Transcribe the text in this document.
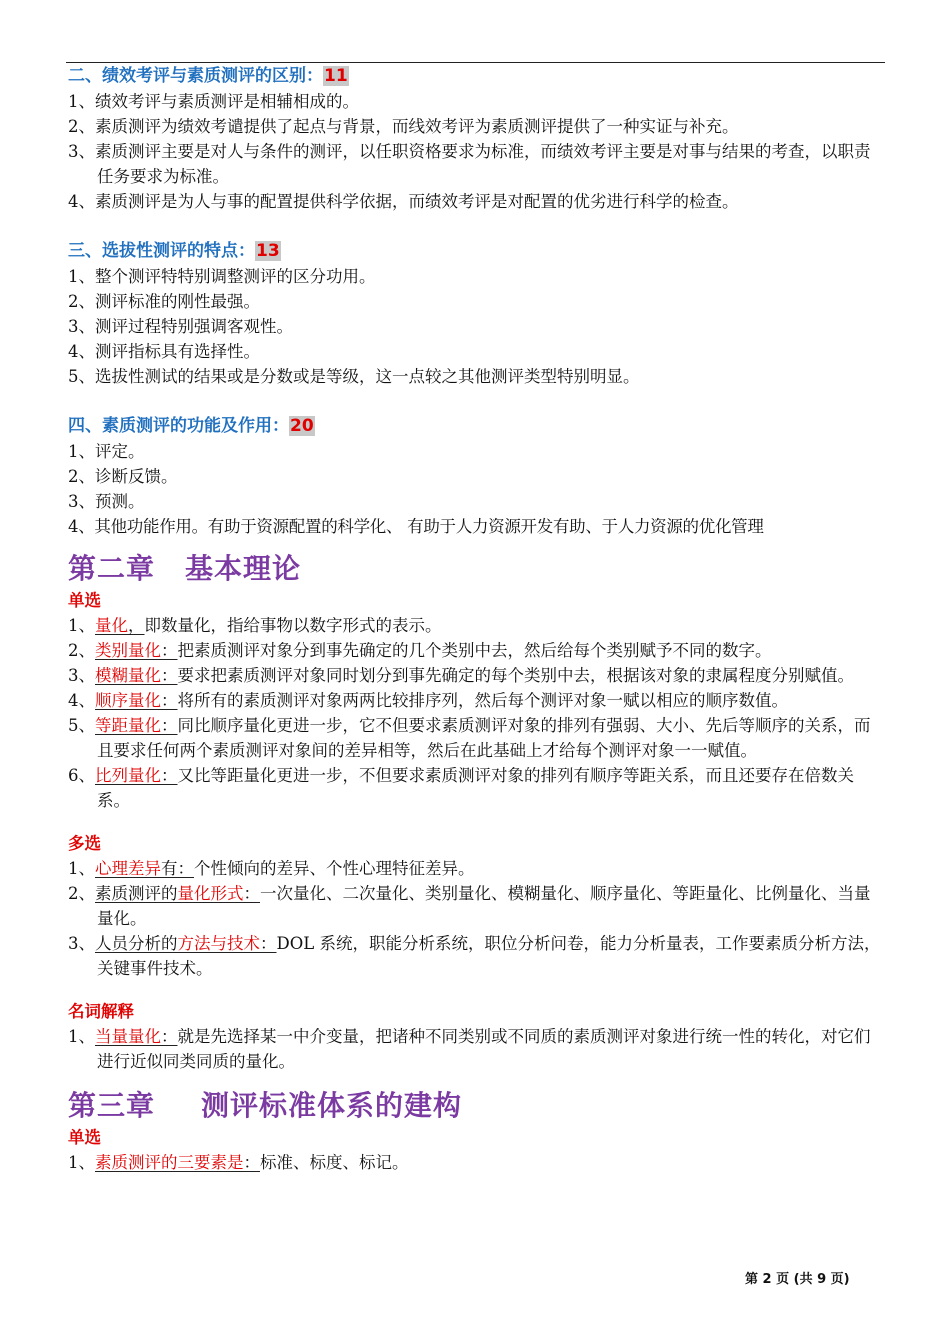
二、绩效考评与素质测评的区别：11
1、绩效考评与素质测评是相辅相成的。
2、素质测评为绩效考谴提供了起点与背景，而线效考评为素质测评提供了一种实证与补充。
3、素质测评主要是对人与条件的测评，以任职资格要求为标准，而绩效考评主要是对事与结果的考查，以职责任务要求为标准。
4、素质测评是为人与事的配置提供科学依据，而绩效考评是对配置的优劣进行科学的检查。
三、选拔性测评的特点：13
1、整个测评特特别调整测评的区分功用。
2、测评标准的刚性最强。
3、测评过程特别强调客观性。
4、测评指标具有选择性。
5、选拔性测试的结果或是分数或是等级，这一点较之其他测评类型特别明显。
四、素质测评的功能及作用：20
1、评定。
2、诊断反馈。
3、预测。
4、其他功能作用。有助于资源配置的科学化、 有助于人力资源开发有助、于人力资源的优化管理
第二章 基本理论
单选
1、量化，即数量化，指给事物以数字形式的表示。
2、类别量化：把素质测评对象分到事先确定的几个类别中去，然后给每个类别赋予不同的数字。
3、模糊量化：要求把素质测评对象同时划分到事先确定的每个类别中去，根据该对象的隶属程度分别赋值。
4、顺序量化：将所有的素质测评对象两两比较排序列，然后每个测评对象一赋以相应的顺序数值。
5、等距量化：同比顺序量化更进一步，它不但要求素质测评对象的排列有强弱、大小、先后等顺序的关系，而且要求任何两个素质测评对象间的差异相等，然后在此基础上才给每个测评对象一一赋值。
6、比列量化：又比等距量化更进一步，不但要求素质测评对象的排列有顺序等距关系，而且还要存在倍数关系。
多选
1、心理差异有：个性倾向的差异、个性心理特征差异。
2、素质测评的量化形式：一次量化、二次量化、类别量化、模糊量化、顺序量化、等距量化、比例量化、当量量化。
3、人员分析的方法与技术：DOL 系统，职能分析系统，职位分析问卷，能力分析量表，工作要素质分析方法，关键事件技术。
名词解释
1、当量量化：就是先选择某一中介变量，把诸种不同类别或不同质的素质测评对象进行统一性的转化，对它们进行近似同类同质的量化。
第三章 测评标准体系的建构
单选
1、素质测评的三要素是：标准、标度、标记。
第 2 页 (共 9 页)
